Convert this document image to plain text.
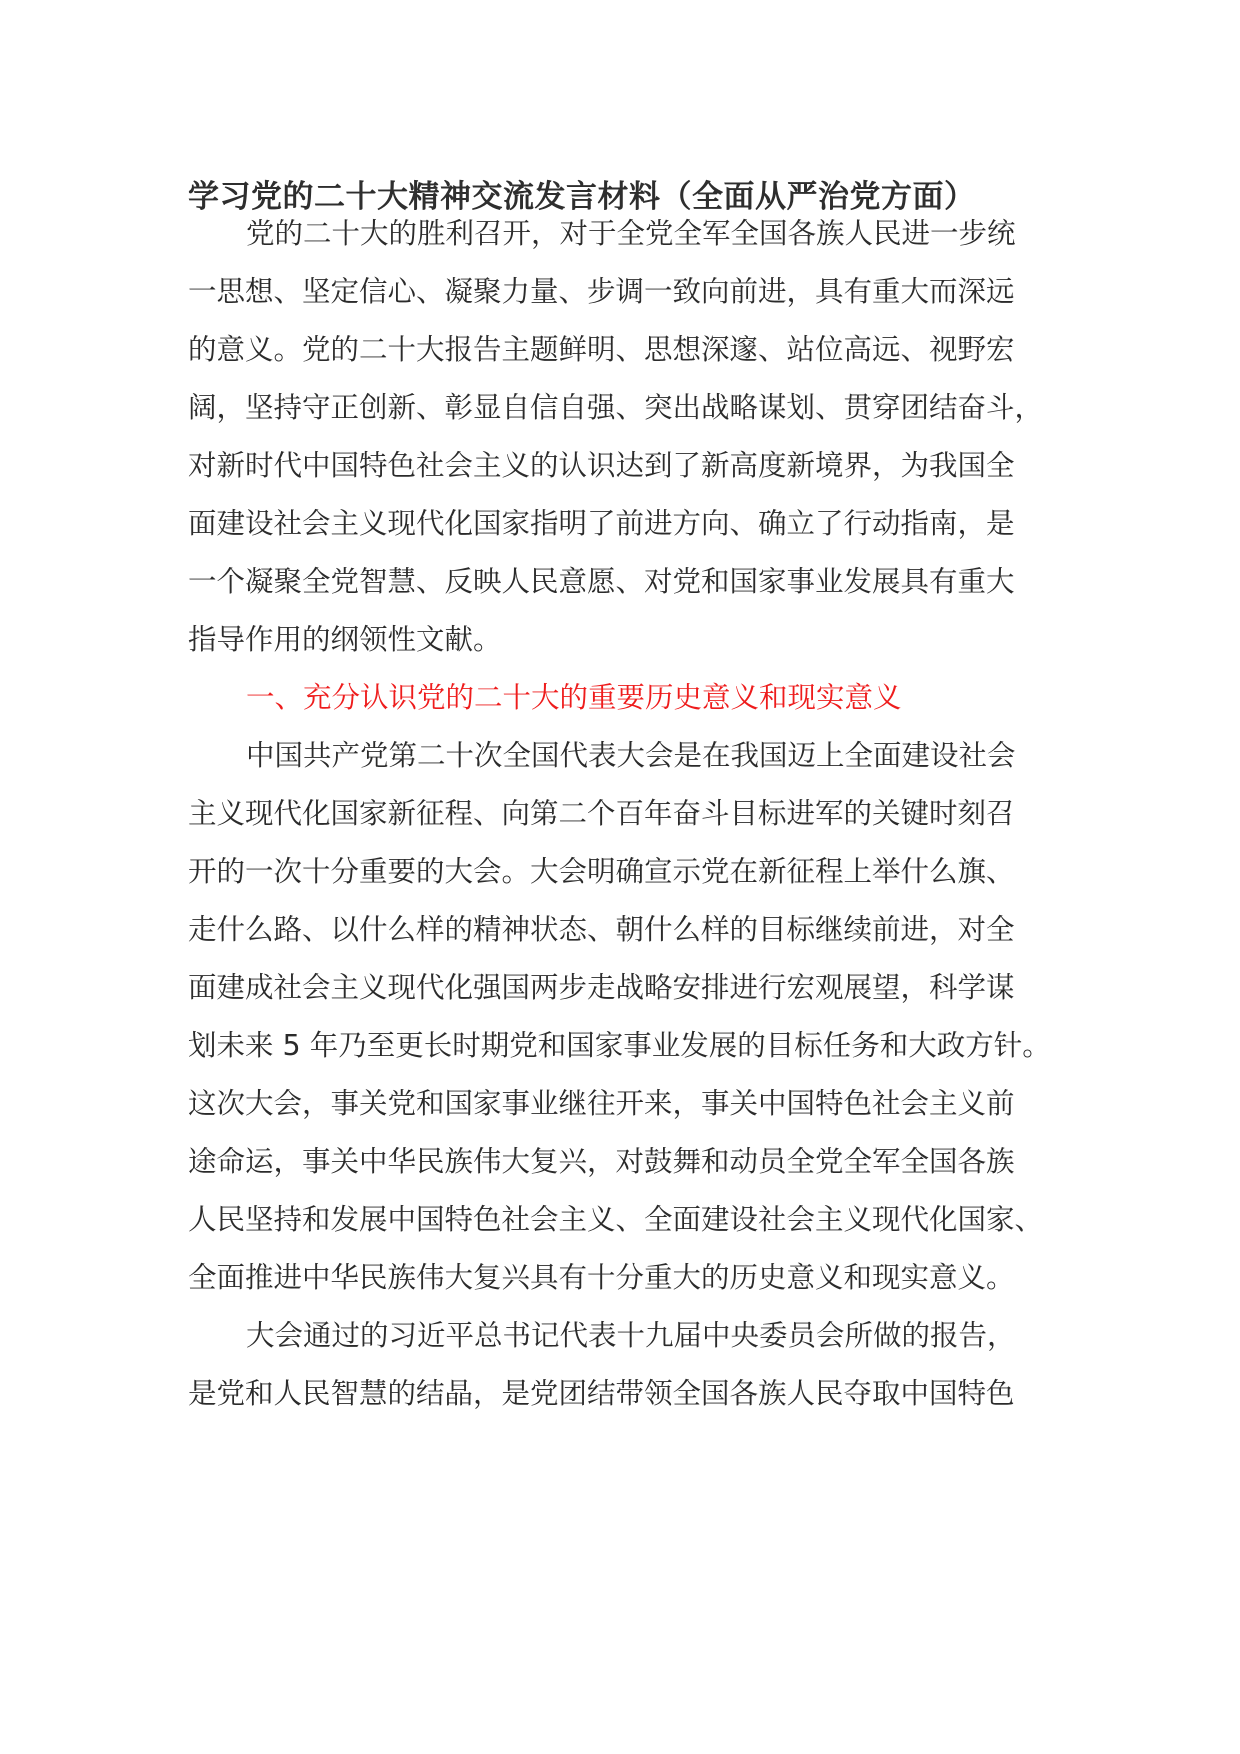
学习党的二十大精神交流发言材料（全面从严治党方面）

党的二十大的胜利召开，对于全党全军全国各族人民进一步统

一思想、坚定信心、凝聚力量、步调一致向前进，具有重大而深远

的意义。党的二十大报告主题鲜明、思想深邃、站位高远、视野宏

阔，坚持守正创新、彰显自信自强、突出战略谋划、贯穿团结奋斗，

对新时代中国特色社会主义的认识达到了新高度新境界，为我国全

面建设社会主义现代化国家指明了前进方向、确立了行动指南，是

一个凝聚全党智慧、反映人民意愿、对党和国家事业发展具有重大

指导作用的纲领性文献。

一、充分认识党的二十大的重要历史意义和现实意义

中国共产党第二十次全国代表大会是在我国迈上全面建设社会

主义现代化国家新征程、向第二个百年奋斗目标进军的关键时刻召

开的一次十分重要的大会。大会明确宣示党在新征程上举什么旗、

走什么路、以什么样的精神状态、朝什么样的目标继续前进，对全

面建成社会主义现代化强国两步走战略安排进行宏观展望，科学谋

划未来 5 年乃至更长时期党和国家事业发展的目标任务和大政方针。

这次大会，事关党和国家事业继往开来，事关中国特色社会主义前

途命运，事关中华民族伟大复兴，对鼓舞和动员全党全军全国各族

人民坚持和发展中国特色社会主义、全面建设社会主义现代化国家、

全面推进中华民族伟大复兴具有十分重大的历史意义和现实意义。

大会通过的习近平总书记代表十九届中央委员会所做的报告，

是党和人民智慧的结晶，是党团结带领全国各族人民夺取中国特色
